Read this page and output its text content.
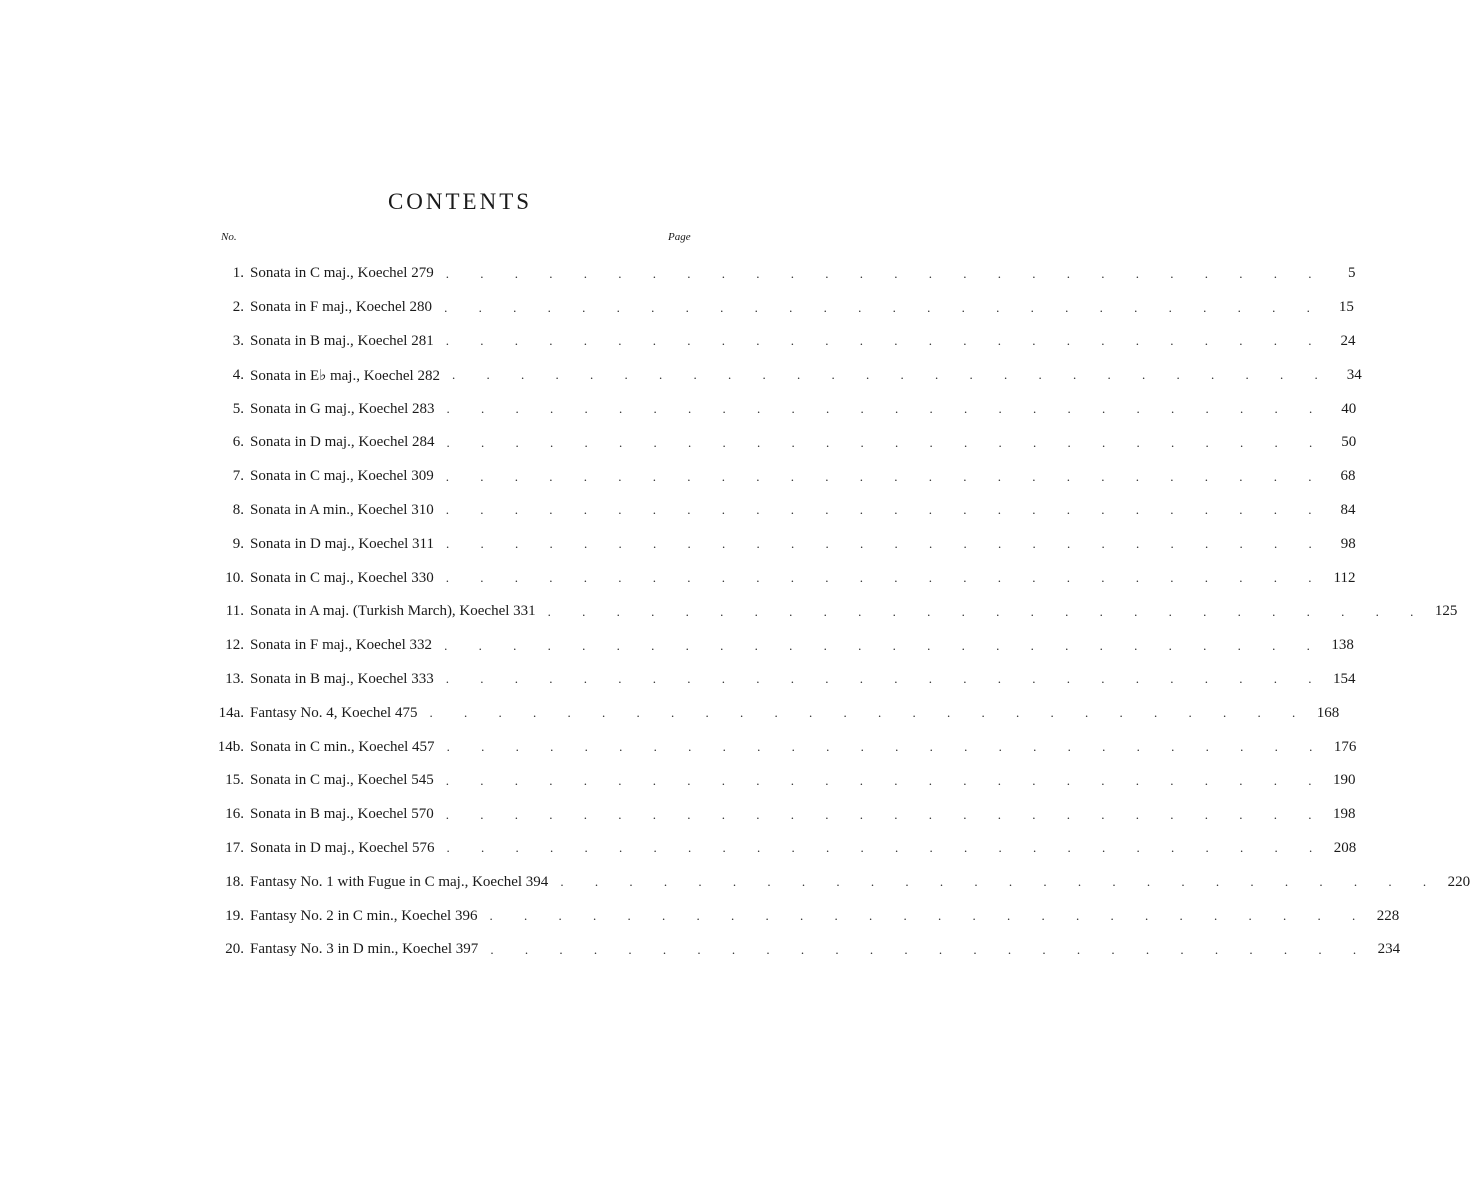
CONTENTS
No.	Page
1. Sonata in C maj., Koechel 279 . . . . . . . . . . . . . . . . . . . . . . . . . .	5
2. Sonata in F maj., Koechel 280 . . . . . . . . . . . . . . . . . . . . . . . . . .	15
3. Sonata in B maj., Koechel 281 . . . . . . . . . . . . . . . . . . . . . . . . . .	24
4. Sonata in E♭ maj., Koechel 282 . . . . . . . . . . . . . . . . . . . . . . . . . .	34
5. Sonata in G maj., Koechel 283 . . . . . . . . . . . . . . . . . . . . . . . . . .	40
6. Sonata in D maj., Koechel 284 . . . . . . . . . . . . . . . . . . . . . . . . . .	50
7. Sonata in C maj., Koechel 309 . . . . . . . . . . . . . . . . . . . . . . . . . .	68
8. Sonata in A min., Koechel 310 . . . . . . . . . . . . . . . . . . . . . . . . . .	84
9. Sonata in D maj., Koechel 311 . . . . . . . . . . . . . . . . . . . . . . . . . .	98
10. Sonata in C maj., Koechel 330 . . . . . . . . . . . . . . . . . . . . . . . . . . 112
11. Sonata in A maj. (Turkish March), Koechel 331 . . . . . . . . . . . . . . . . . . . . . . . . . . 125
12. Sonata in F maj., Koechel 332 . . . . . . . . . . . . . . . . . . . . . . . . . . 138
13. Sonata in B maj., Koechel 333 . . . . . . . . . . . . . . . . . . . . . . . . . . 154
14a. Fantasy No. 4, Koechel 475 . . . . . . . . . . . . . . . . . . . . . . . . . . 168
14b. Sonata in C min., Koechel 457 . . . . . . . . . . . . . . . . . . . . . . . . . . 176
15. Sonata in C maj., Koechel 545 . . . . . . . . . . . . . . . . . . . . . . . . . . 190
16. Sonata in B maj., Koechel 570 . . . . . . . . . . . . . . . . . . . . . . . . . . 198
17. Sonata in D maj., Koechel 576 . . . . . . . . . . . . . . . . . . . . . . . . . . 208
18. Fantasy No. 1 with Fugue in C maj., Koechel 394 . . . . . . . . . . . . . . . . . . . . . . . . . . 220
19. Fantasy No. 2 in C min., Koechel 396 . . . . . . . . . . . . . . . . . . . . . . . . . . 228
20. Fantasy No. 3 in D min., Koechel 397 . . . . . . . . . . . . . . . . . . . . . . . . . . 234
